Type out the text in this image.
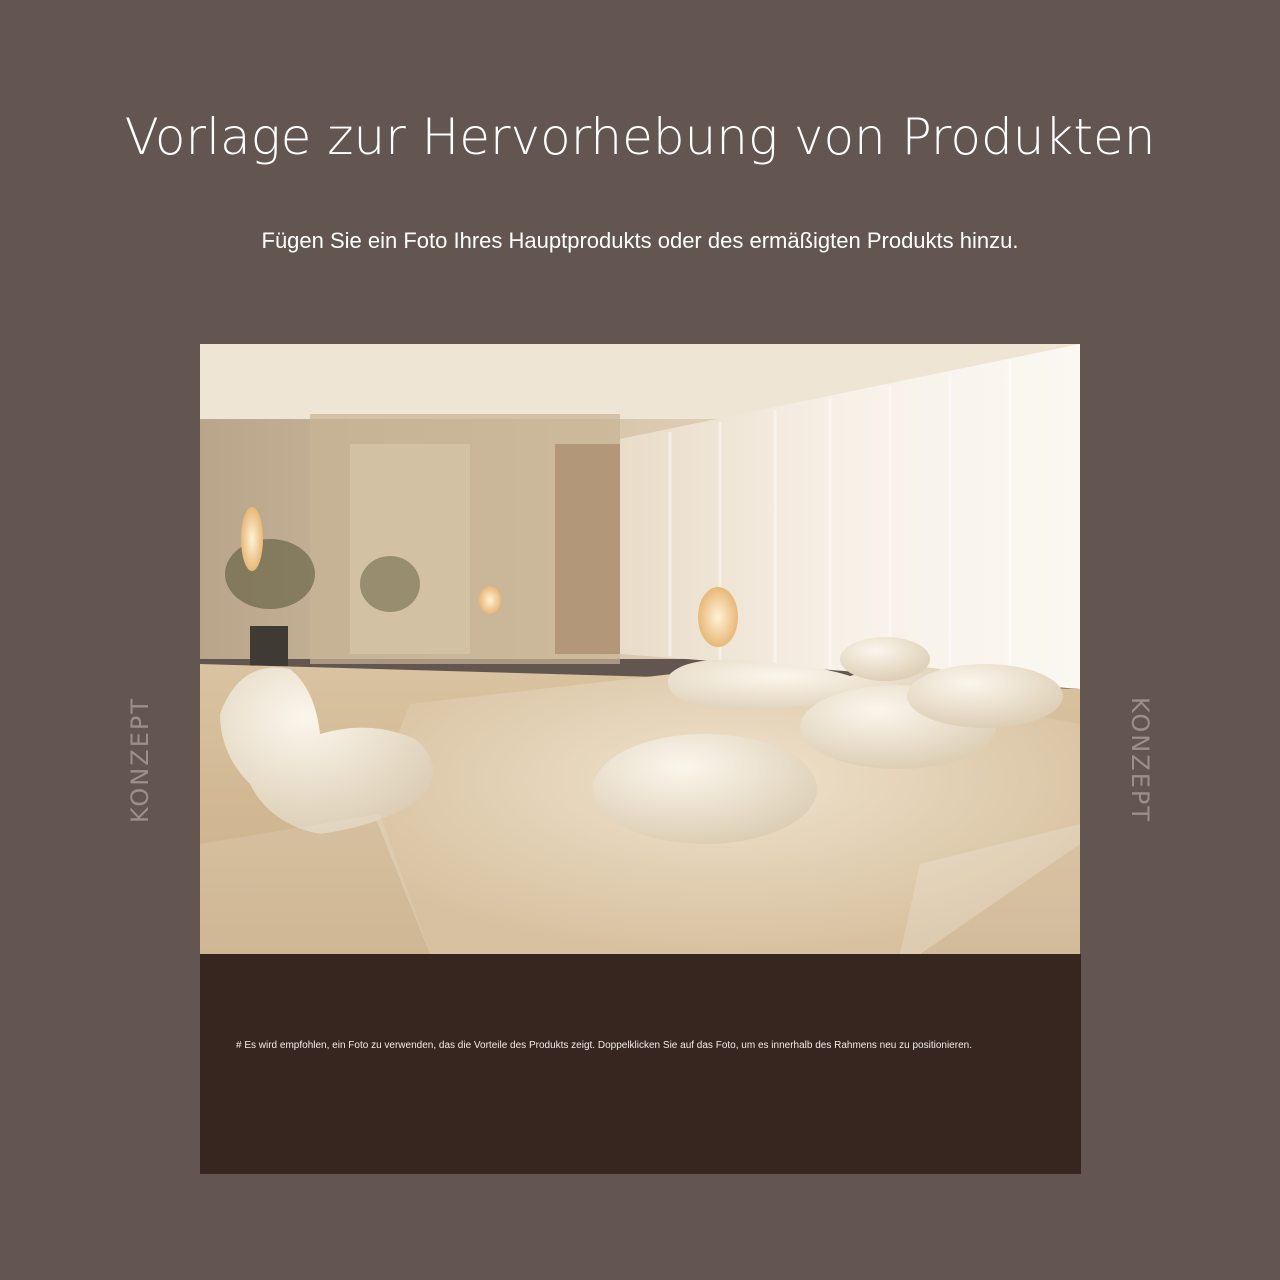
Vorlage zur Hervorhebung von Produkten
Fügen Sie ein Foto Ihres Hauptprodukts oder des ermäßigten Produkts hinzu.
KONZEPT	KONZEPT
# Es wird empfohlen, ein Foto zu verwenden, das die Vorteile des Produkts zeigt. Doppelklicken Sie auf das Foto, um es innerhalb des Rahmens neu zu positionieren.
